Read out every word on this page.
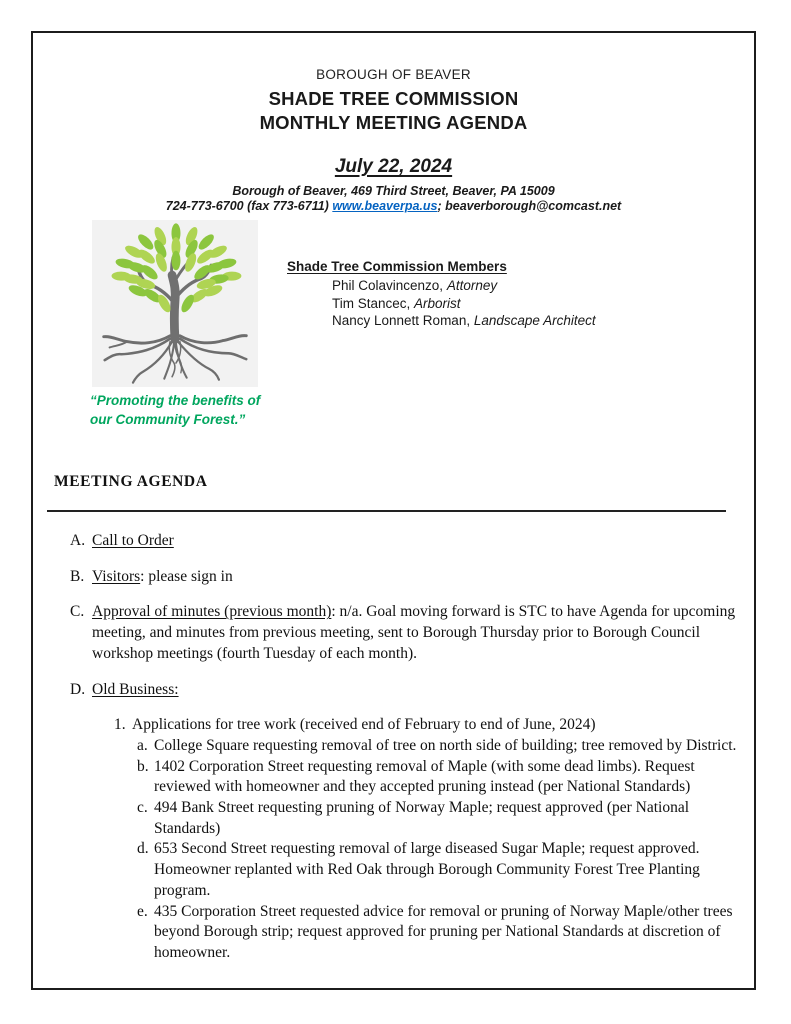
BOROUGH OF BEAVER
SHADE TREE COMMISSION
MONTHLY MEETING AGENDA
July 22, 2024
Borough of Beaver, 469 Third Street, Beaver, PA 15009
724-773-6700 (fax 773-6711) www.beaverpa.us; beaverborough@comcast.net
“Promoting the benefits of
our Community Forest.”
Shade Tree Commission Members
Phil Colavincenzo, Attorney
Tim Stancec, Arborist
Nancy Lonnett Roman, Landscape Architect
MEETING AGENDA
A. Call to Order
B. Visitors: please sign in
C. Approval of minutes (previous month): n/a. Goal moving forward is STC to have Agenda for upcoming meeting, and minutes from previous meeting, sent to Borough Thursday prior to Borough Council workshop meetings (fourth Tuesday of each month).
D. Old Business:
1. Applications for tree work (received end of February to end of June, 2024)
a. College Square requesting removal of tree on north side of building; tree removed by District.
b. 1402 Corporation Street requesting removal of Maple (with some dead limbs). Request reviewed with homeowner and they accepted pruning instead (per National Standards)
c. 494 Bank Street requesting pruning of Norway Maple; request approved (per National Standards)
d. 653 Second Street requesting removal of large diseased Sugar Maple; request approved. Homeowner replanted with Red Oak through Borough Community Forest Tree Planting program.
e. 435 Corporation Street requested advice for removal or pruning of Norway Maple/other trees beyond Borough strip; request approved for pruning per National Standards at discretion of homeowner.
